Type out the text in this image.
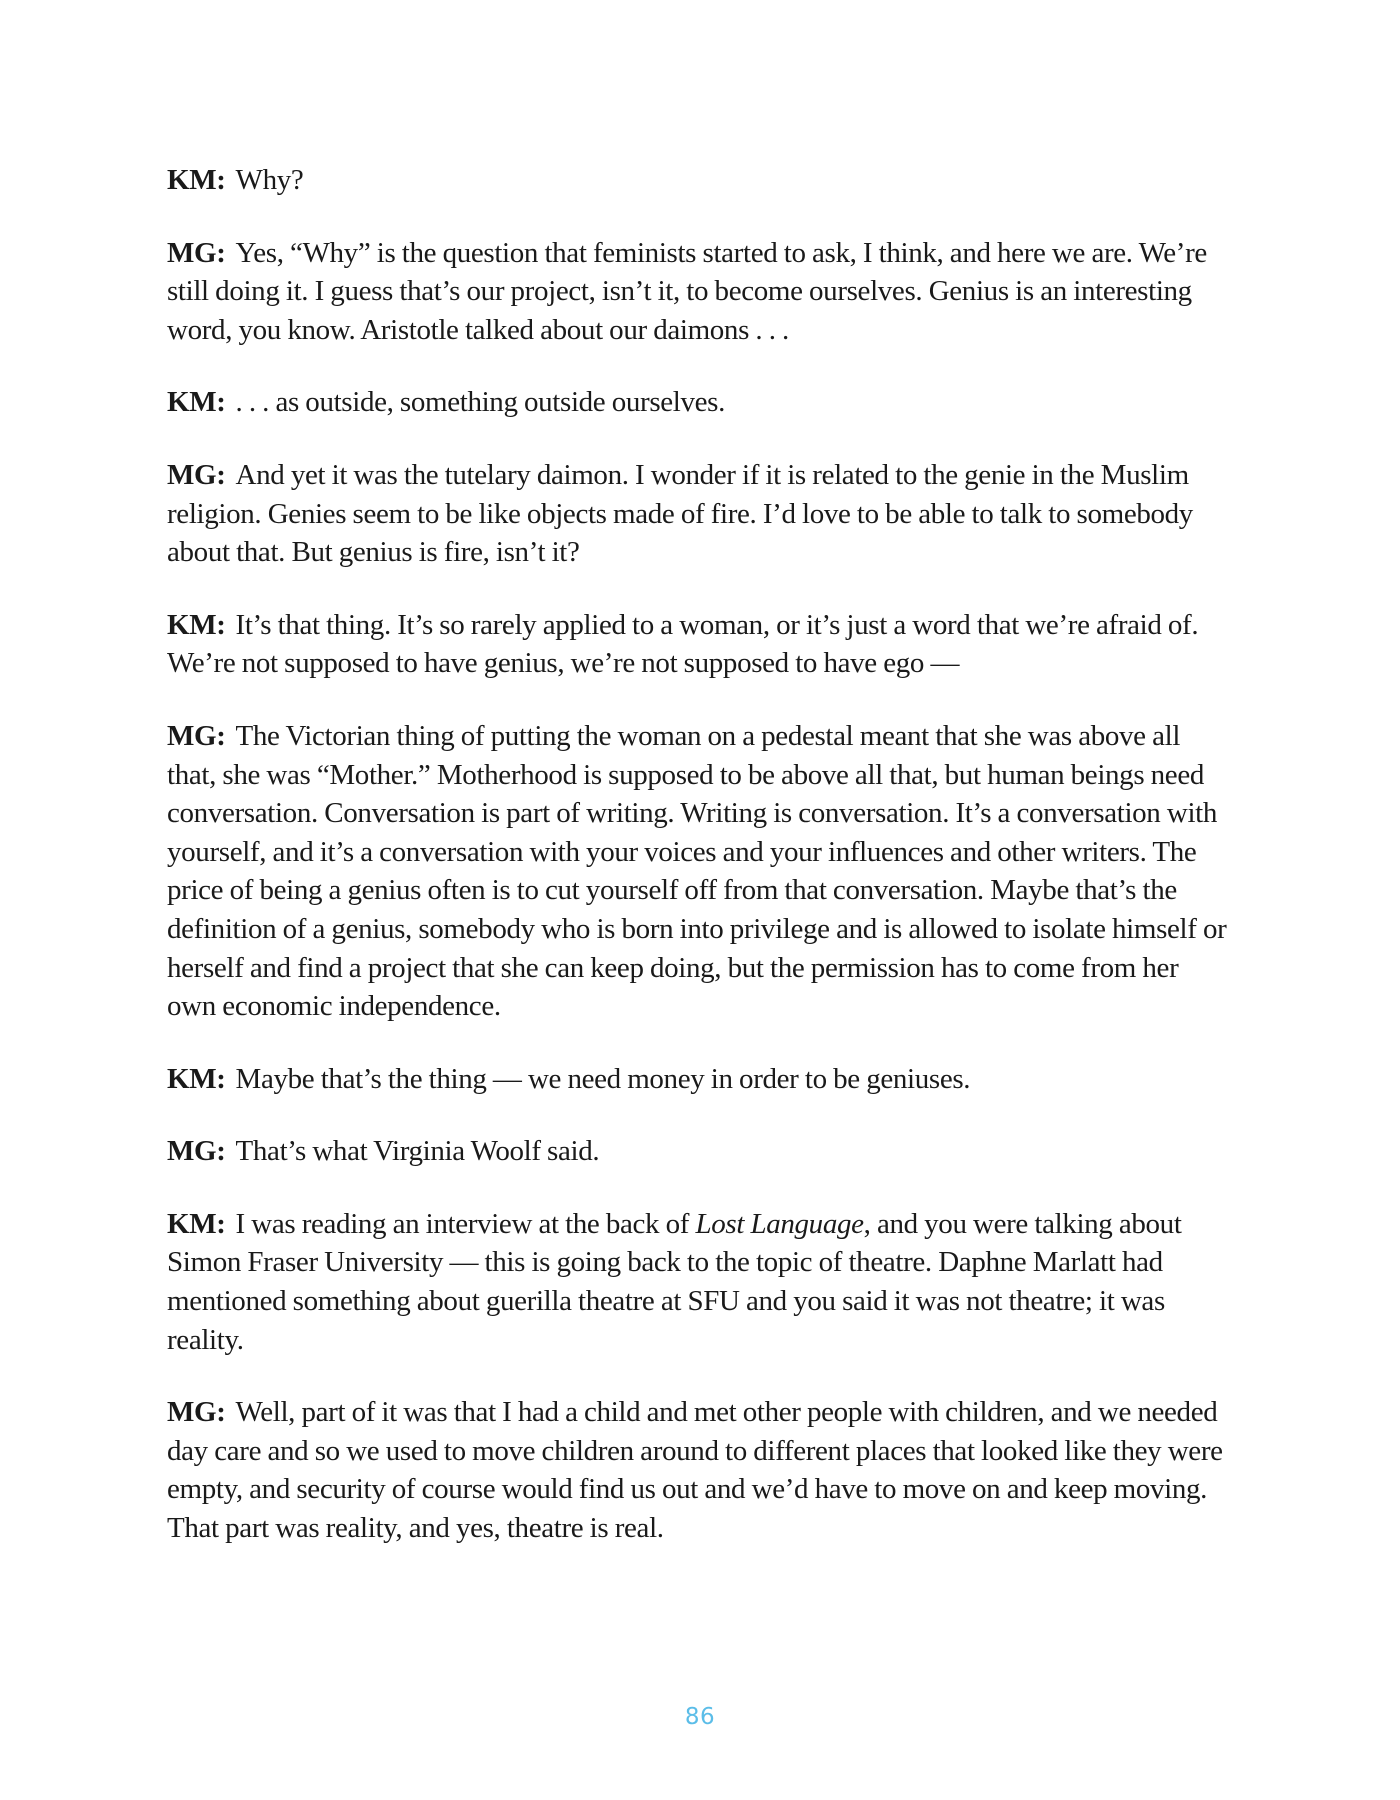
KM: Why?

MG: Yes, “Why” is the question that feminists started to ask, I think, and here we are. We’re still doing it. I guess that’s our project, isn’t it, to become ourselves. Genius is an interesting word, you know. Aristotle talked about our daimons . . .

KM: . . . as outside, something outside ourselves.

MG: And yet it was the tutelary daimon. I wonder if it is related to the genie in the Muslim religion. Genies seem to be like objects made of fire. I’d love to be able to talk to somebody about that. But genius is fire, isn’t it?

KM: It’s that thing. It’s so rarely applied to a woman, or it’s just a word that we’re afraid of. We’re not supposed to have genius, we’re not supposed to have ego —

MG: The Victorian thing of putting the woman on a pedestal meant that she was above all that, she was “Mother.” Motherhood is supposed to be above all that, but human beings need conversation. Conversation is part of writing. Writing is conversation. It’s a conversation with yourself, and it’s a conversation with your voices and your influences and other writers. The price of being a genius often is to cut yourself off from that conversation. Maybe that’s the definition of a genius, somebody who is born into privilege and is allowed to isolate himself or herself and find a project that she can keep doing, but the permission has to come from her own economic independence.

KM: Maybe that’s the thing — we need money in order to be geniuses.

MG: That’s what Virginia Woolf said.

KM: I was reading an interview at the back of Lost Language, and you were talking about Simon Fraser University — this is going back to the topic of theatre. Daphne Marlatt had mentioned something about guerilla theatre at SFU and you said it was not theatre; it was reality.

MG: Well, part of it was that I had a child and met other people with children, and we needed day care and so we used to move children around to different places that looked like they were empty, and security of course would find us out and we’d have to move on and keep moving. That part was reality, and yes, theatre is real.

86
